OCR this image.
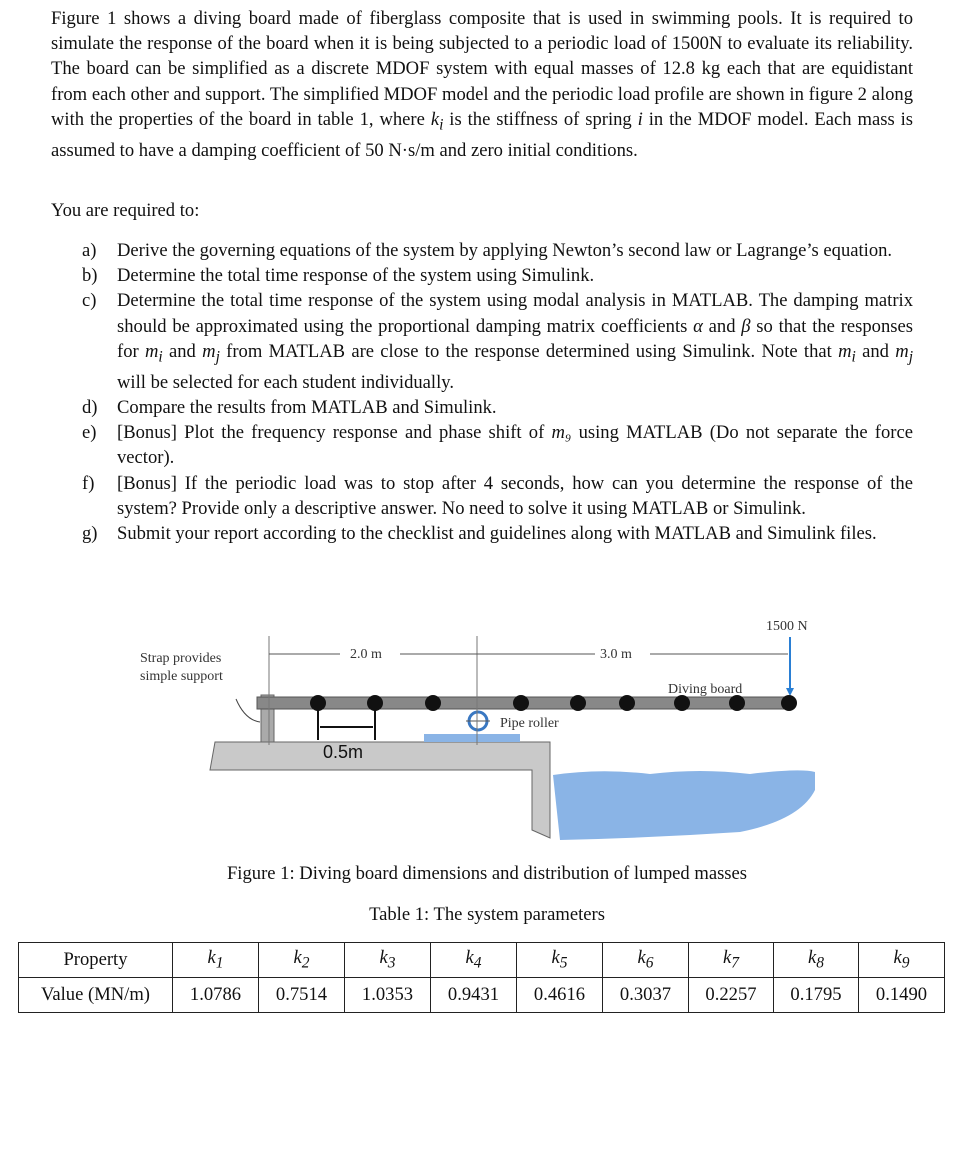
Figure 1 shows a diving board made of fiberglass composite that is used in swimming pools. It is required to simulate the response of the board when it is being subjected to a periodic load of 1500N to evaluate its reliability. The board can be simplified as a discrete MDOF system with equal masses of 12.8 kg each that are equidistant from each other and support. The simplified MDOF model and the periodic load profile are shown in figure 2 along with the properties of the board in table 1, where $k_i$ is the stiffness of spring i in the MDOF model. Each mass is assumed to have a damping coefficient of 50 N·s/m and zero initial conditions.

You are required to:

a) Derive the governing equations of the system by applying Newton’s second law or Lagrange’s equation.
b) Determine the total time response of the system using Simulink.
c) Determine the total time response of the system using modal analysis in MATLAB. The damping matrix should be approximated using the proportional damping matrix coefficients α and β so that the responses for $m_i$ and $m_j$ from MATLAB are close to the response determined using Simulink. Note that $m_i$ and $m_j$ will be selected for each student individually.
d) Compare the results from MATLAB and Simulink.
e) [Bonus] Plot the frequency response and phase shift of m₉ using MATLAB (Do not separate the force vector).
f) [Bonus] If the periodic load was to stop after 4 seconds, how can you determine the response of the system? Provide only a descriptive answer. No need to solve it using MATLAB or Simulink.
g) Submit your report according to the checklist and guidelines along with MATLAB and Simulink files.
Strap provides
simple support
2.0 m	3.0 m
1500 N
Diving board
Pipe roller
0.5m
Figure 1: Diving board dimensions and distribution of lumped masses
Table 1: The system parameters
Property	$k_1$	$k_2$	$k_3$	$k_4$	$k_5$	$k_6$	$k_7$	$k_8$	$k_9$
Value (MN/m)	1.0786	0.7514	1.0353	0.9431	0.4616	0.3037	0.2257	0.1795	0.1490
